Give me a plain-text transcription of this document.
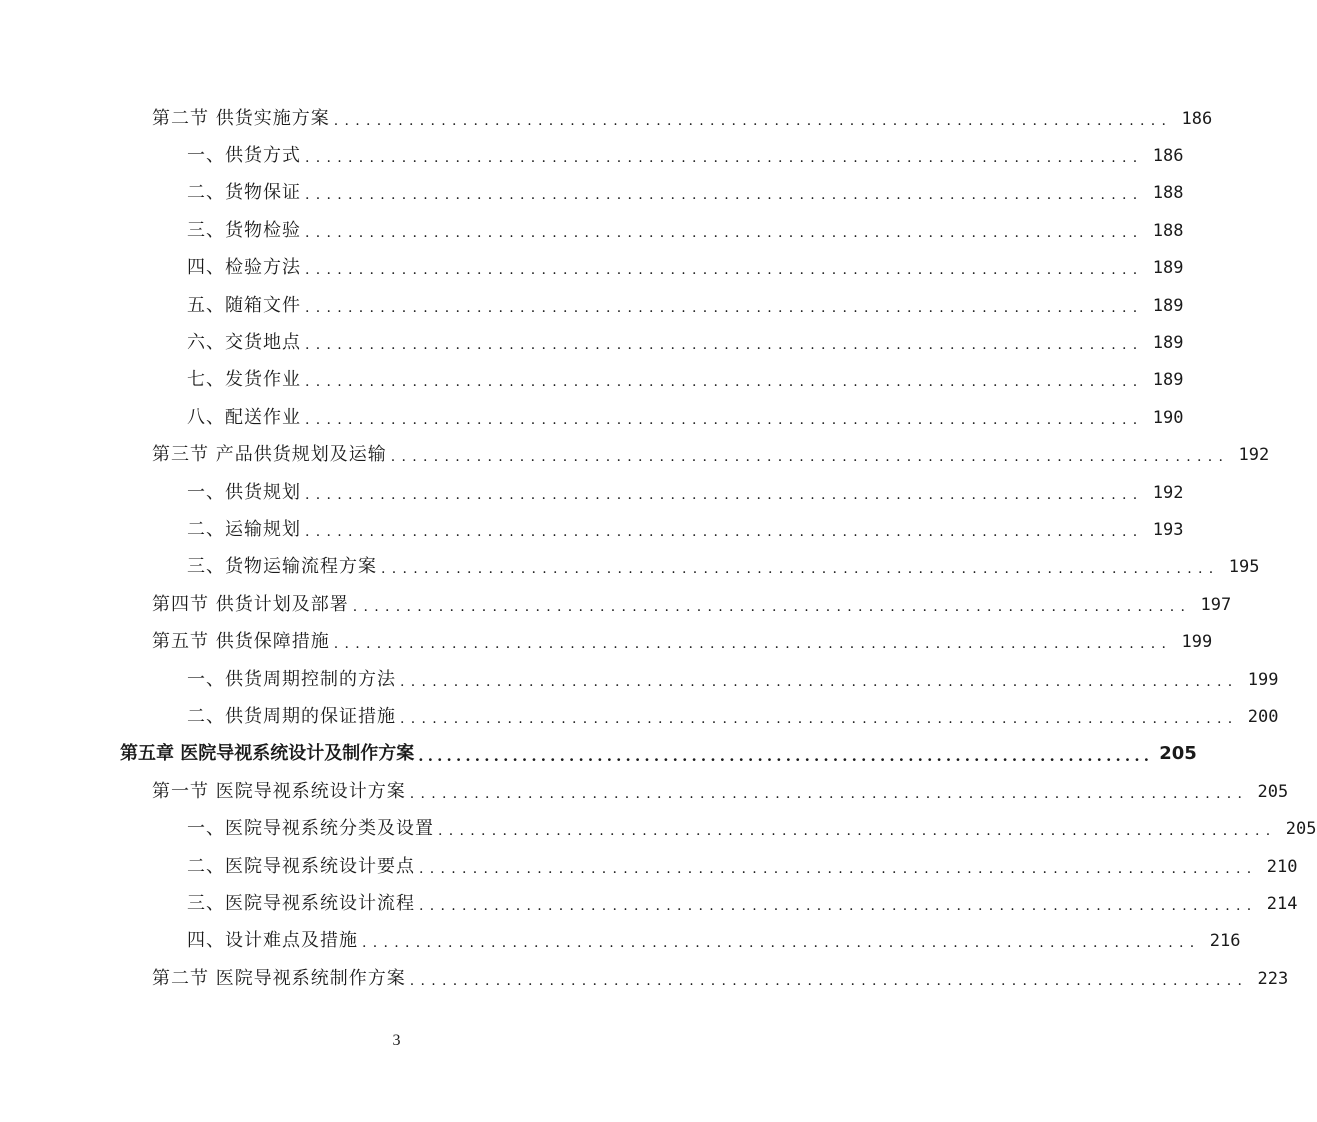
第二节 供货实施方案 .............................................................................. 186
一、供货方式 .............................................................................. 186
二、货物保证 .............................................................................. 188
三、货物检验 .............................................................................. 188
四、检验方法 .............................................................................. 189
五、随箱文件 .............................................................................. 189
六、交货地点 .............................................................................. 189
七、发货作业 .............................................................................. 189
八、配送作业 .............................................................................. 190
第三节 产品供货规划及运输 .............................................................................. 192
一、供货规划 .............................................................................. 192
二、运输规划 .............................................................................. 193
三、货物运输流程方案 .............................................................................. 195
第四节 供货计划及部署 .............................................................................. 197
第五节 供货保障措施 .............................................................................. 199
一、供货周期控制的方法 .............................................................................. 199
二、供货周期的保证措施 .............................................................................. 200
第五章 医院导视系统设计及制作方案 .............................................................................. 205
第一节 医院导视系统设计方案 .............................................................................. 205
一、医院导视系统分类及设置 .............................................................................. 205
二、医院导视系统设计要点 .............................................................................. 210
三、医院导视系统设计流程 .............................................................................. 214
四、设计难点及措施 .............................................................................. 216
第二节 医院导视系统制作方案 .............................................................................. 223
3
